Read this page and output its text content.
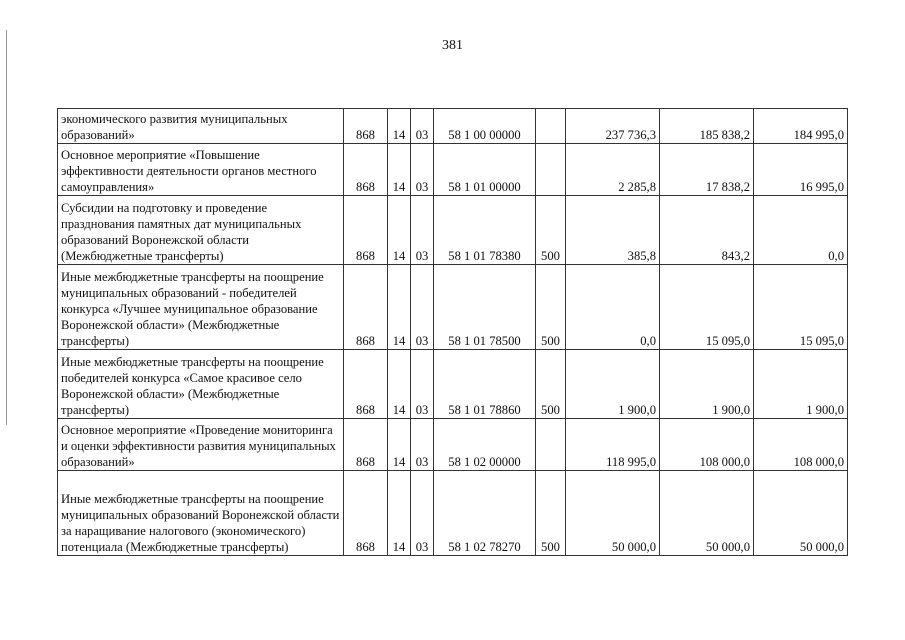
381
экономического развития муниципальных образований»	868	14	03	58 1 00 00000		237 736,3	185 838,2	184 995,0
Основное мероприятие «Повышение эффективности деятельности органов местного самоуправления»	868	14	03	58 1 01 00000		2 285,8	17 838,2	16 995,0
Субсидии на подготовку и проведение празднования памятных дат муниципальных образований Воронежской области (Межбюджетные трансферты)	868	14	03	58 1 01 78380	500	385,8	843,2	0,0
Иные межбюджетные трансферты на поощрение муниципальных образований - победителей конкурса «Лучшее муниципальное образование Воронежской области» (Межбюджетные трансферты)	868	14	03	58 1 01 78500	500	0,0	15 095,0	15 095,0
Иные межбюджетные трансферты на поощрение победителей конкурса «Самое красивое село Воронежской области» (Межбюджетные трансферты)	868	14	03	58 1 01 78860	500	1 900,0	1 900,0	1 900,0
Основное мероприятие «Проведение мониторинга и оценки эффективности развития муниципальных образований»	868	14	03	58 1 02 00000		118 995,0	108 000,0	108 000,0
Иные межбюджетные трансферты на поощрение муниципальных образований Воронежской области за наращивание налогового (экономического) потенциала (Межбюджетные трансферты)	868	14	03	58 1 02 78270	500	50 000,0	50 000,0	50 000,0
